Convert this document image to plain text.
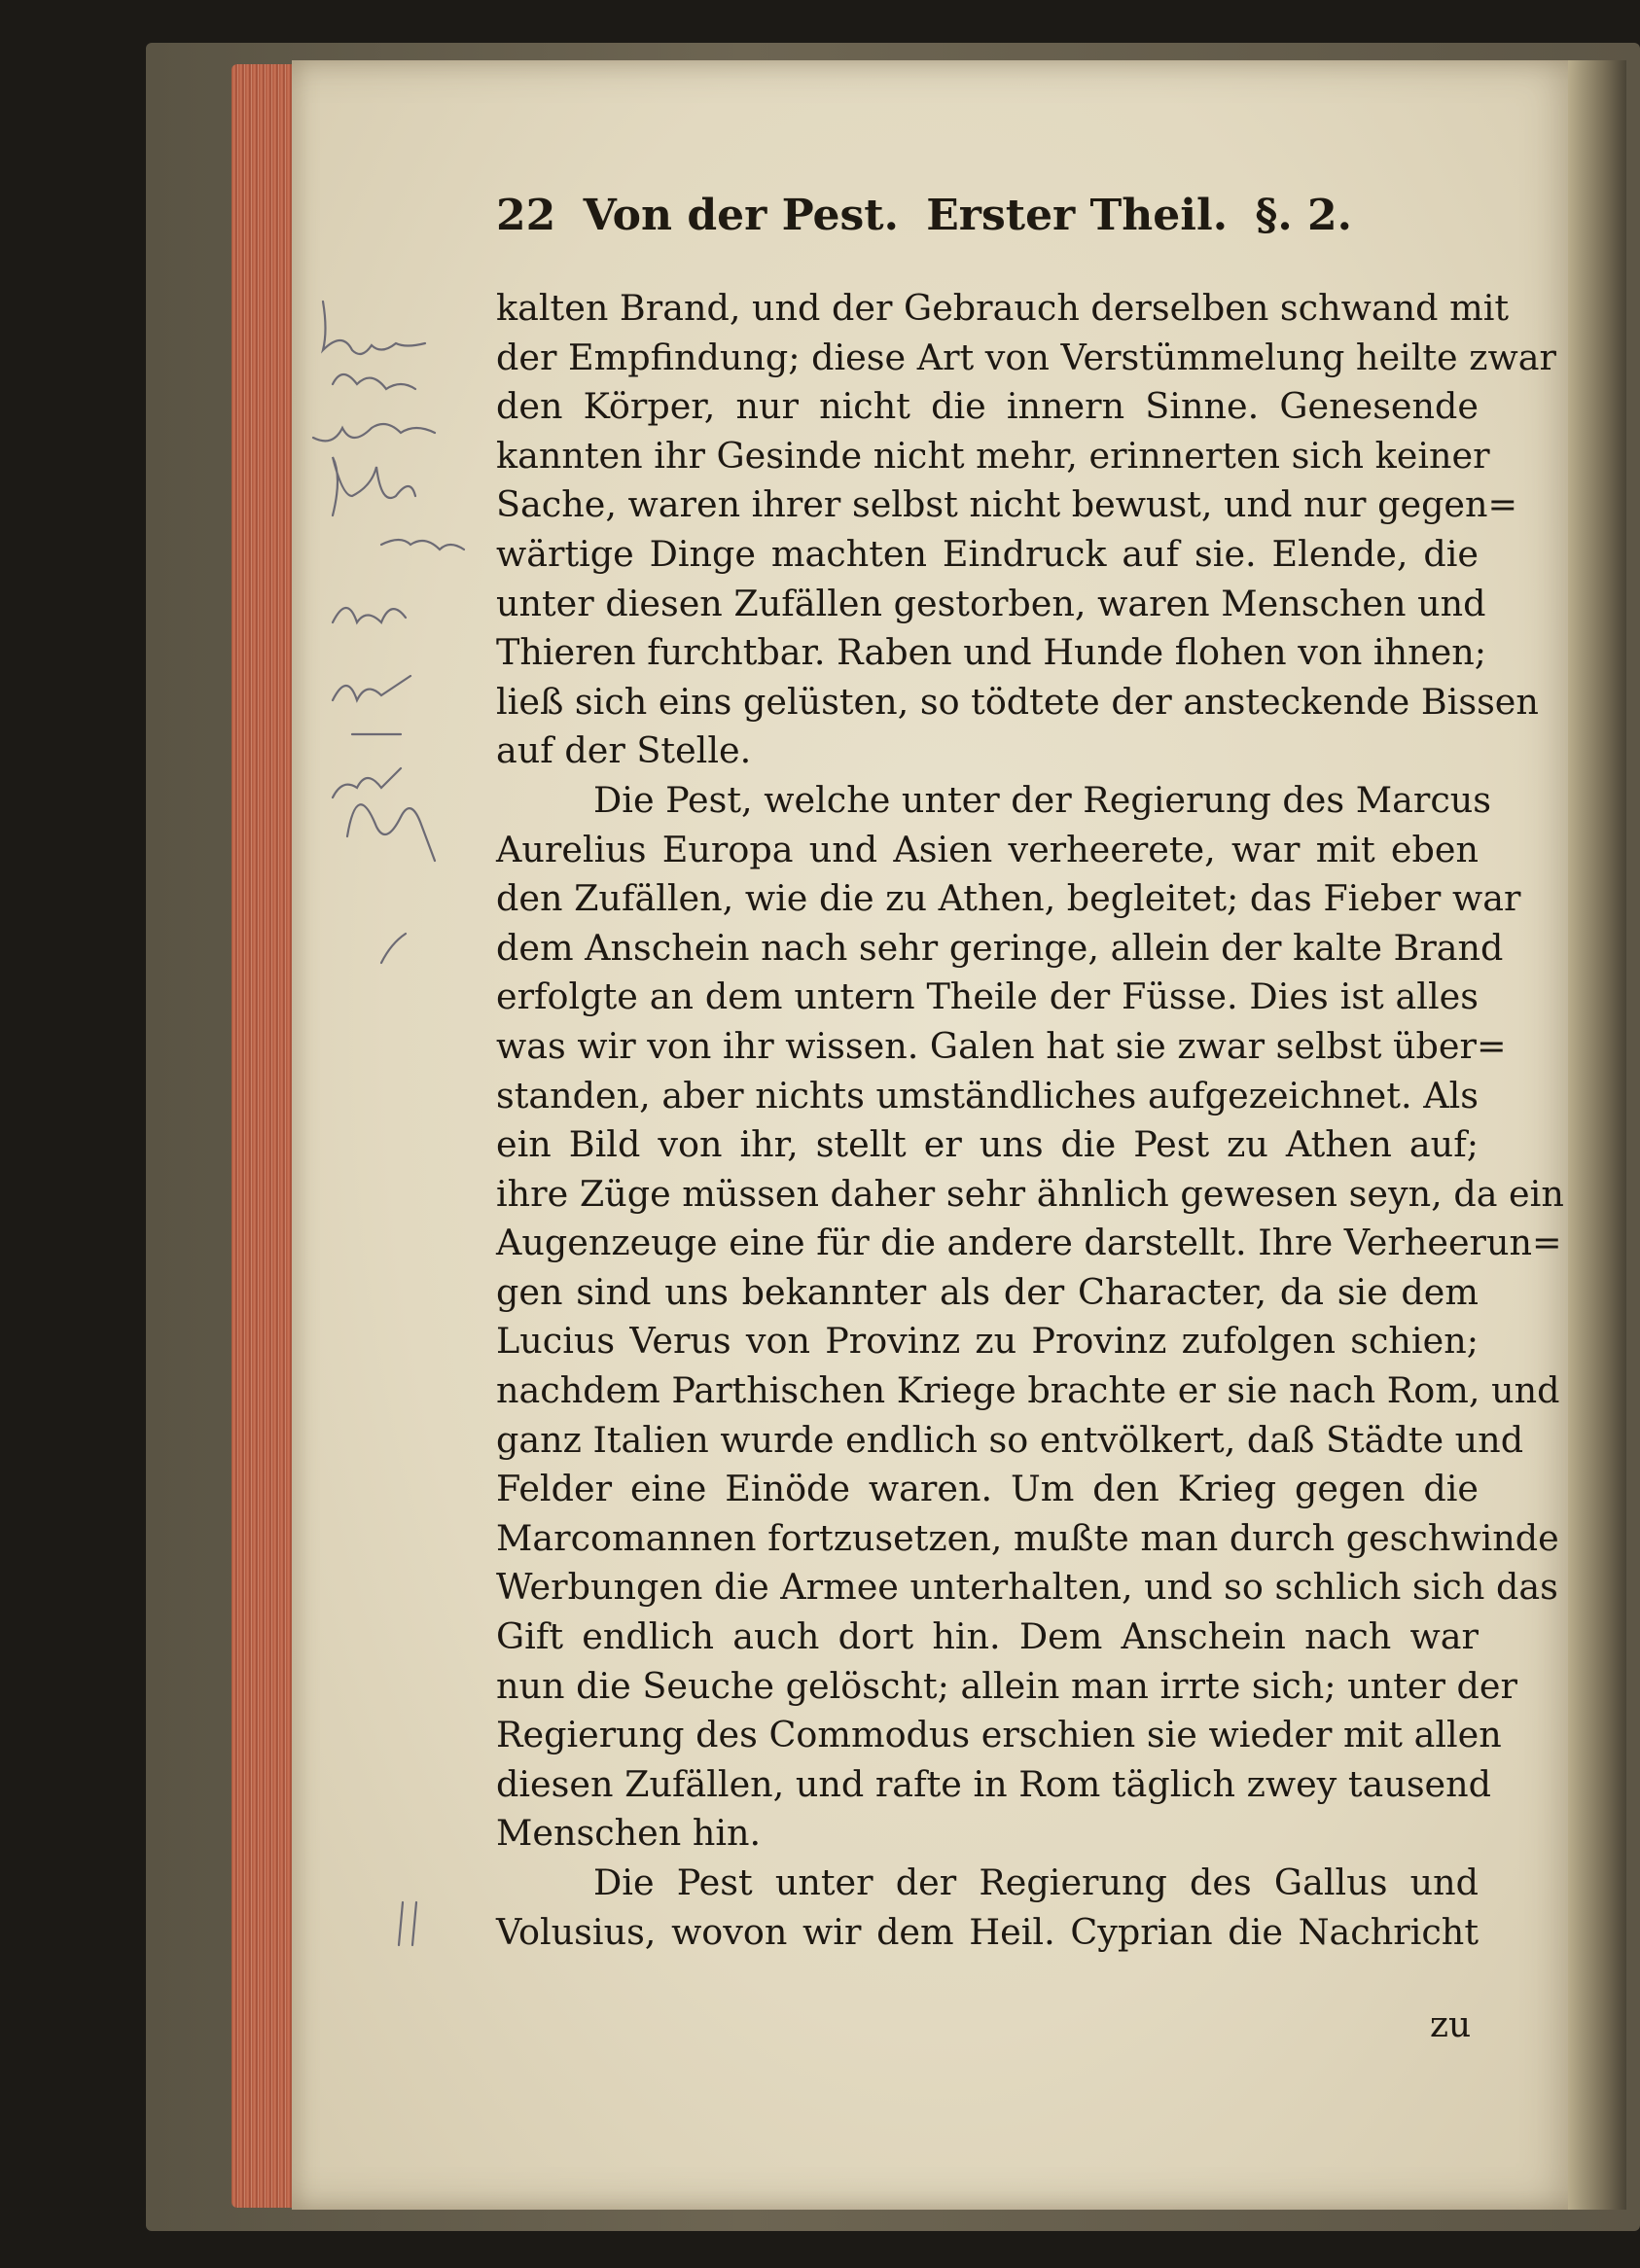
22 Von der Pest. Erster Theil. §. 2.
kalten Brand, und der Gebrauch derselben schwand mit
der Empfindung; diese Art von Verstümmelung heilte zwar
den Körper, nur nicht die innern Sinne. Genesende
kannten ihr Gesinde nicht mehr, erinnerten sich keiner
Sache, waren ihrer selbst nicht bewust, und nur gegen=
wärtige Dinge machten Eindruck auf sie. Elende, die
unter diesen Zufällen gestorben, waren Menschen und
Thieren furchtbar. Raben und Hunde flohen von ihnen;
ließ sich eins gelüsten, so tödtete der ansteckende Bissen
auf der Stelle.
Die Pest, welche unter der Regierung des Marcus
Aurelius Europa und Asien verheerete, war mit eben
den Zufällen, wie die zu Athen, begleitet; das Fieber war
dem Anschein nach sehr geringe, allein der kalte Brand
erfolgte an dem untern Theile der Füsse. Dies ist alles
was wir von ihr wissen. Galen hat sie zwar selbst über=
standen, aber nichts umständliches aufgezeichnet. Als
ein Bild von ihr, stellt er uns die Pest zu Athen auf;
ihre Züge müssen daher sehr ähnlich gewesen seyn, da ein
Augenzeuge eine für die andere darstellt. Ihre Verheerun=
gen sind uns bekannter als der Character, da sie dem
Lucius Verus von Provinz zu Provinz zufolgen schien;
nachdem Parthischen Kriege brachte er sie nach Rom, und
ganz Italien wurde endlich so entvölkert, daß Städte und
Felder eine Einöde waren. Um den Krieg gegen die
Marcomannen fortzusetzen, mußte man durch geschwinde
Werbungen die Armee unterhalten, und so schlich sich das
Gift endlich auch dort hin. Dem Anschein nach war
nun die Seuche gelöscht; allein man irrte sich; unter der
Regierung des Commodus erschien sie wieder mit allen
diesen Zufällen, und rafte in Rom täglich zwey tausend
Menschen hin.
Die Pest unter der Regierung des Gallus und
Volusius, wovon wir dem Heil. Cyprian die Nachricht
zu
